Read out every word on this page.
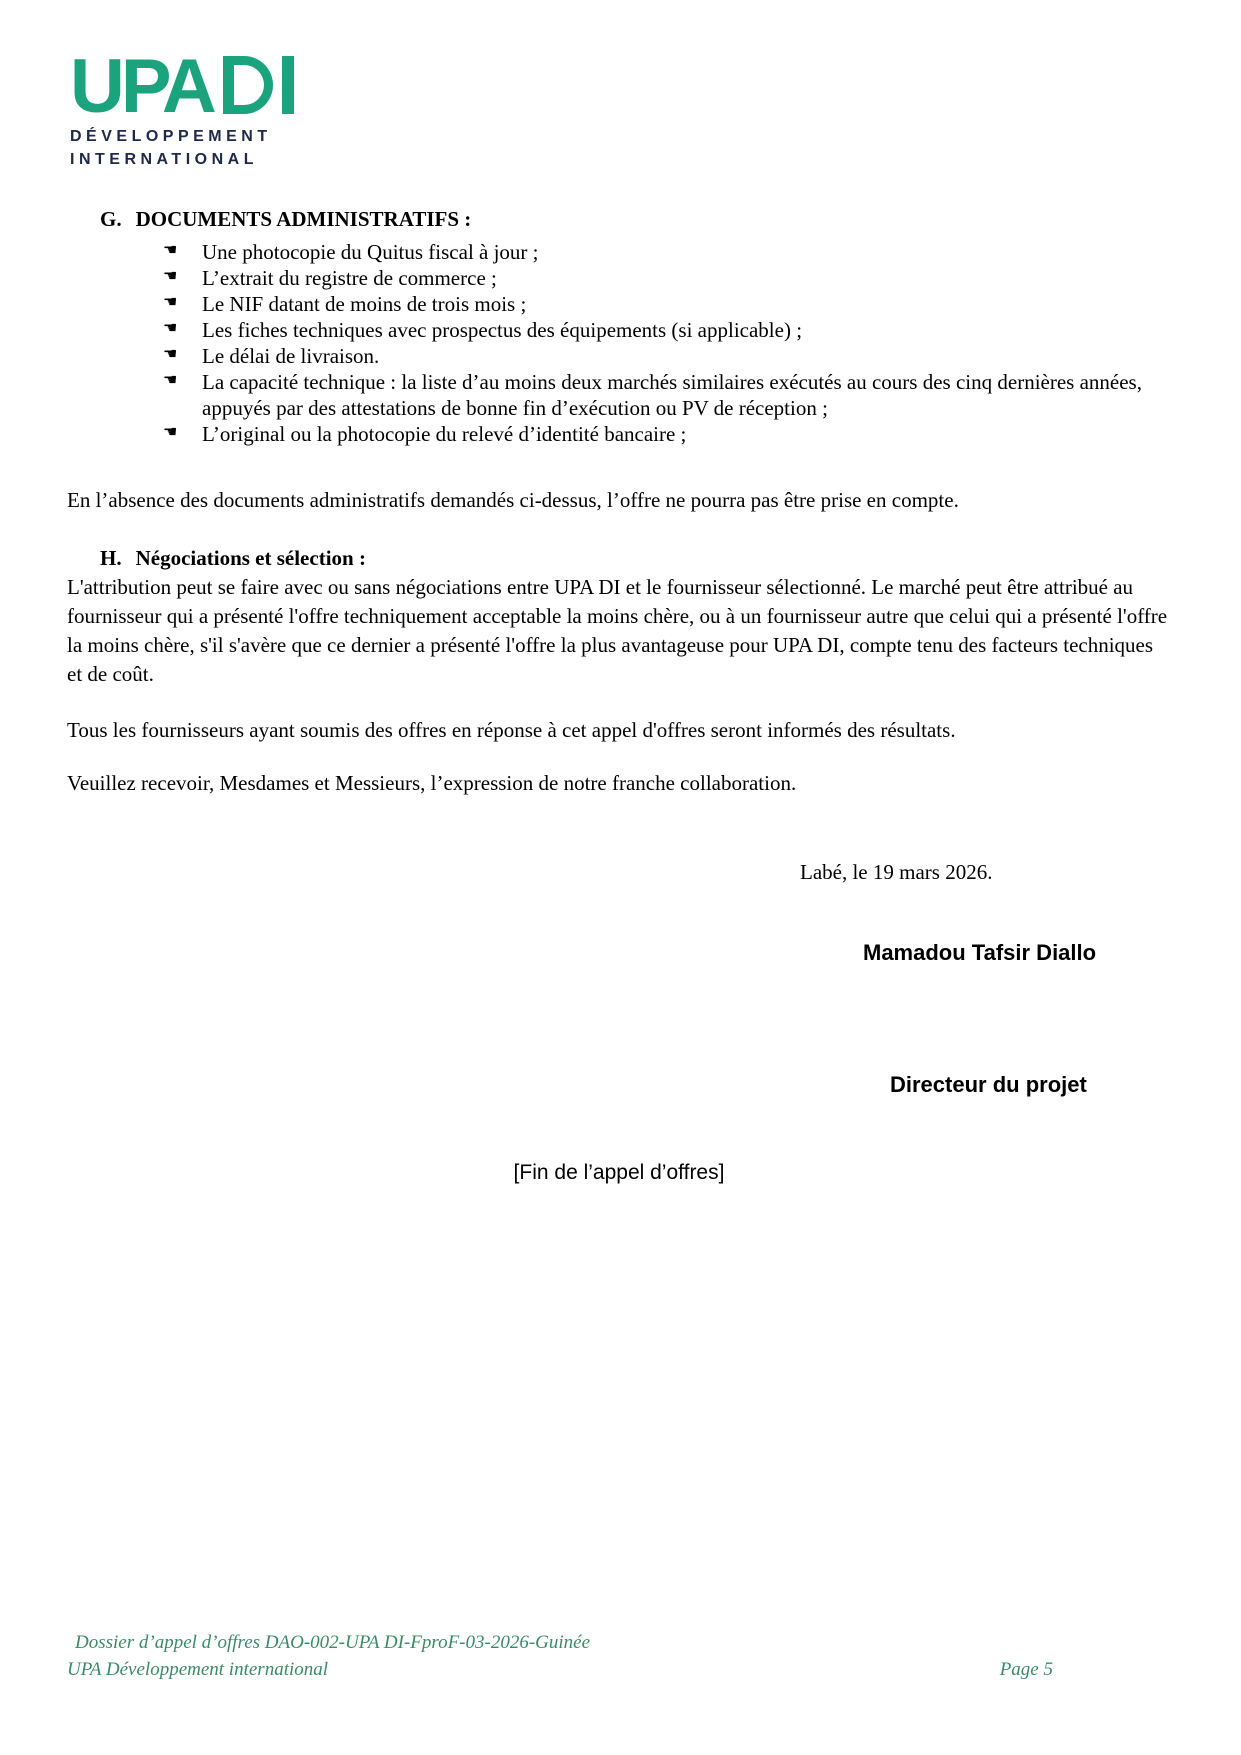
UPA
DÉVELOPPEMENT
INTERNATIONAL
G. DOCUMENTS ADMINISTRATIFS :
☚ Une photocopie du Quitus fiscal à jour ;
☚ L’extrait du registre de commerce ;
☚ Le NIF datant de moins de trois mois ;
☚ Les fiches techniques avec prospectus des équipements (si applicable) ;
☚ Le délai de livraison.
☚ La capacité technique : la liste d’au moins deux marchés similaires exécutés au cours des cinq dernières années, appuyés par des attestations de bonne fin d’exécution ou PV de réception ;
☚ L’original ou la photocopie du relevé d’identité bancaire ;
En l’absence des documents administratifs demandés ci-dessus, l’offre ne pourra pas être prise en compte.
H. Négociations et sélection :
L'attribution peut se faire avec ou sans négociations entre UPA DI et le fournisseur sélectionné. Le marché peut être attribué au fournisseur qui a présenté l'offre techniquement acceptable la moins chère, ou à un fournisseur autre que celui qui a présenté l'offre la moins chère, s'il s'avère que ce dernier a présenté l'offre la plus avantageuse pour UPA DI, compte tenu des facteurs techniques et de coût.
Tous les fournisseurs ayant soumis des offres en réponse à cet appel d'offres seront informés des résultats.
Veuillez recevoir, Mesdames et Messieurs, l’expression de notre franche collaboration.
Labé, le 19 mars 2026.
Mamadou Tafsir Diallo
Directeur du projet
[Fin de l’appel d’offres]
Dossier d’appel d’offres DAO-002-UPA DI-FproF-03-2026-Guinée
UPA Développement international	Page 5
